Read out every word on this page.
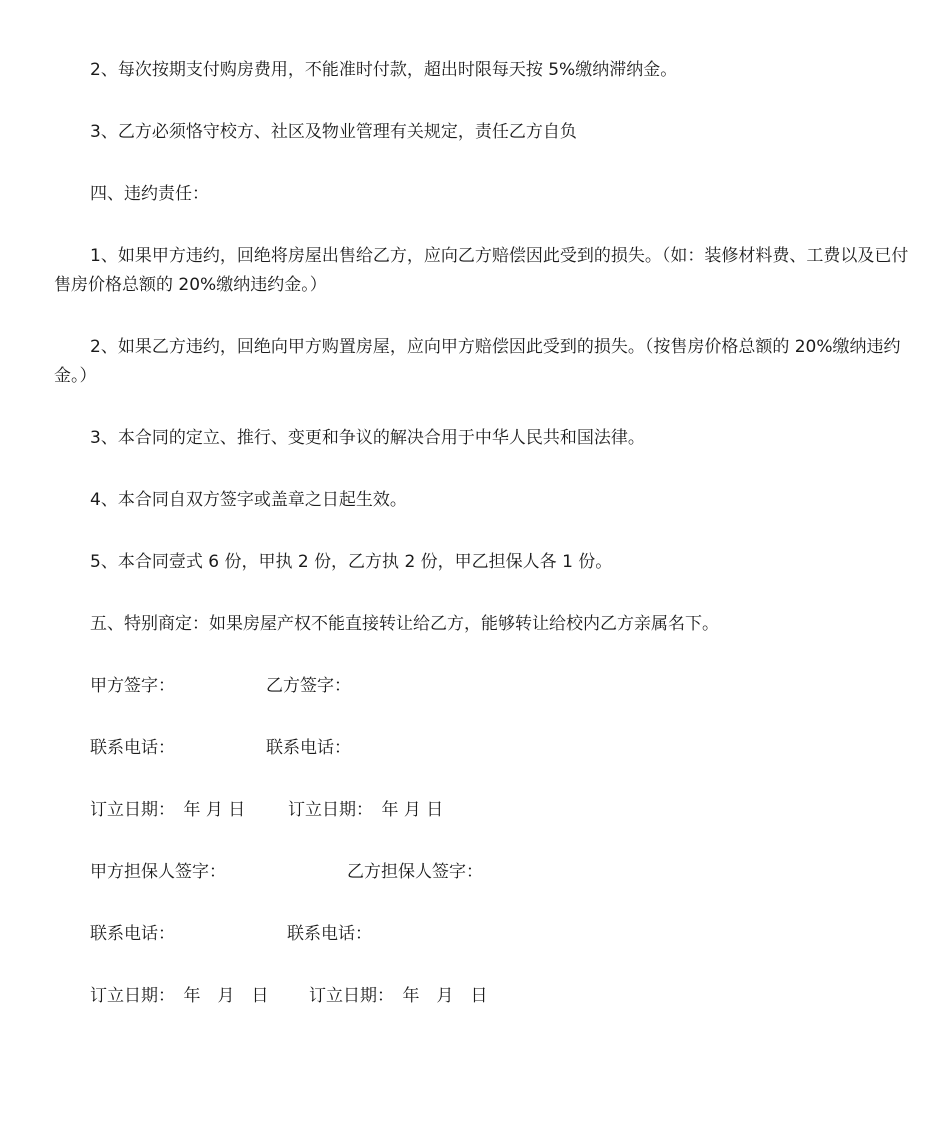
2、每次按期支付购房费用，不能准时付款，超出时限每天按 5%缴纳滞纳金。
3、乙方必须恪守校方、社区及物业管理有关规定，责任乙方自负
四、违约责任：
1、如果甲方违约，回绝将房屋出售给乙方，应向乙方赔偿因此受到的损失。（如：装修材料费、工费以及已付售房价格总额的 20%缴纳违约金。）
2、如果乙方违约，回绝向甲方购置房屋，应向甲方赔偿因此受到的损失。（按售房价格总额的 20%缴纳违约金。）
3、本合同的定立、推行、变更和争议的解决合用于中华人民共和国法律。
4、本合同自双方签字或盖章之日起生效。
5、本合同壹式 6 份，甲执 2 份，乙方执 2 份，甲乙担保人各 1 份。
五、特别商定：如果房屋产权不能直接转让给乙方，能够转让给校内乙方亲属名下。
甲方签字：	乙方签字：
联系电话：	联系电话：
订立日期：　年 月 日	订立日期：　年 月 日
甲方担保人签字：	乙方担保人签字：
联系电话：	联系电话：
订立日期：　年　月　日 订立日期：　年　月　日
